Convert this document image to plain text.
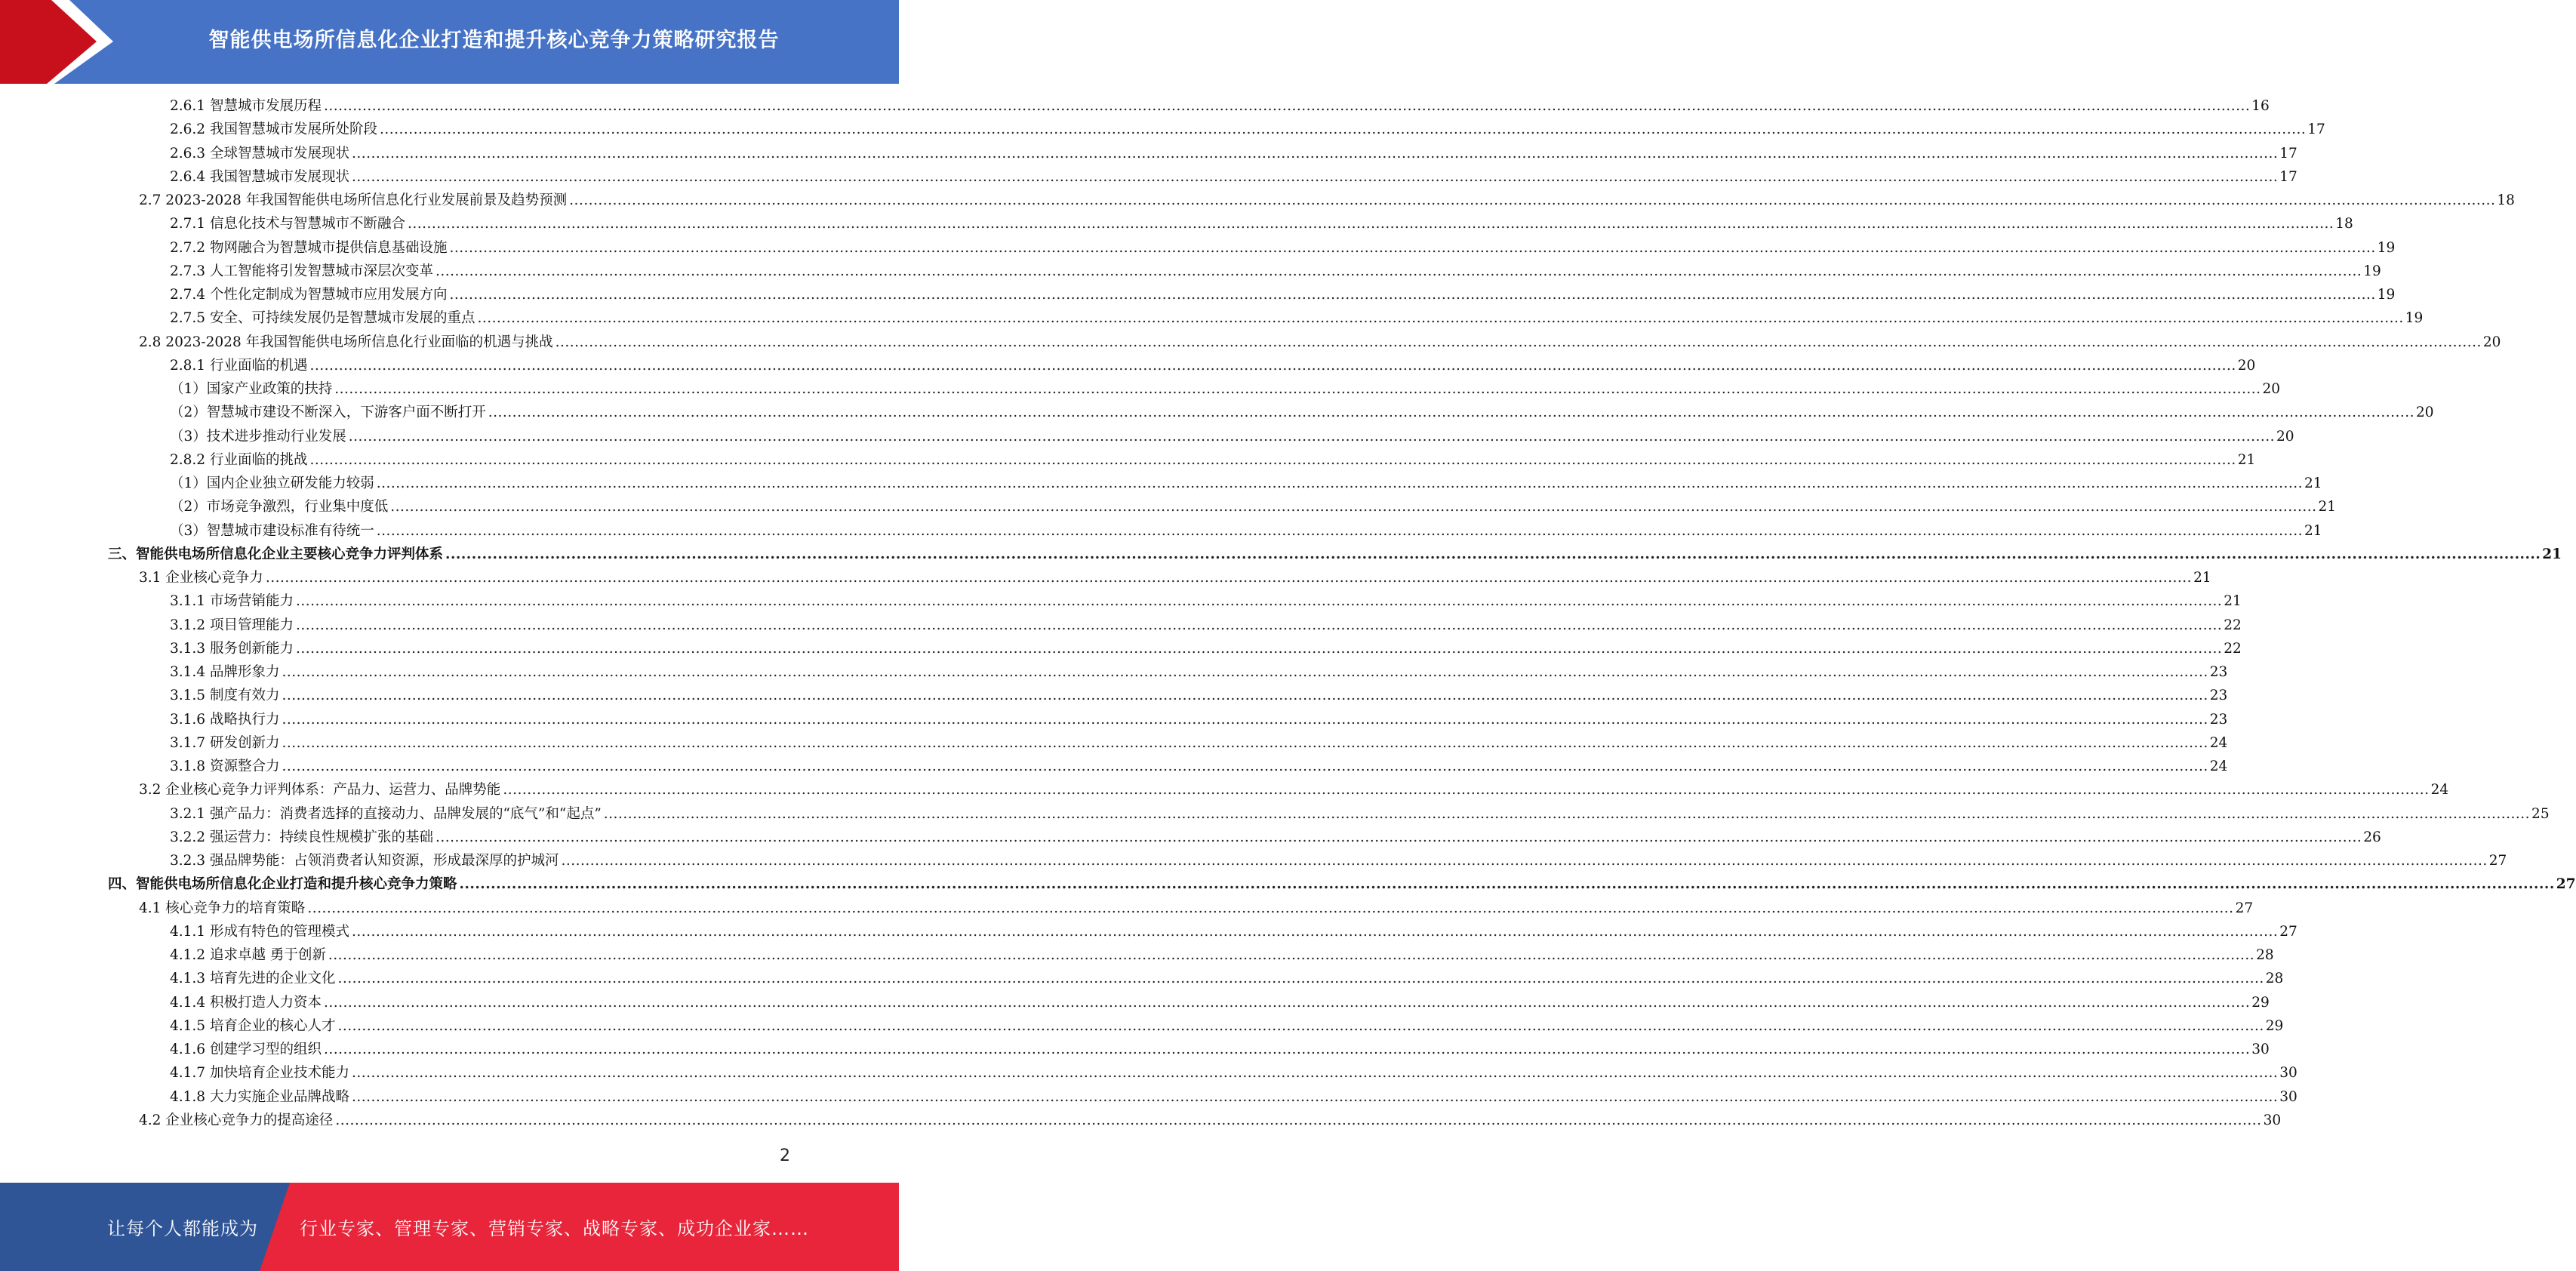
智能供电场所信息化企业打造和提升核心竞争力策略研究报告
2.6.1 智慧城市发展历程 ................................................................................................................................................................................................................................................................................................................................................................................................................ 16
2.6.2 我国智慧城市发展所处阶段 ................................................................................................................................................................................................................................................................................................................................................................................................................ 17
2.6.3 全球智慧城市发展现状 ................................................................................................................................................................................................................................................................................................................................................................................................................ 17
2.6.4 我国智慧城市发展现状 ................................................................................................................................................................................................................................................................................................................................................................................................................ 17
2.7 2023-2028 年我国智能供电场所信息化行业发展前景及趋势预测 ................................................................................................................................................................................................................................................................................................................................................................................................................ 18
2.7.1 信息化技术与智慧城市不断融合 ................................................................................................................................................................................................................................................................................................................................................................................................................ 18
2.7.2 物网融合为智慧城市提供信息基础设施 ................................................................................................................................................................................................................................................................................................................................................................................................................ 19
2.7.3 人工智能将引发智慧城市深层次变革 ................................................................................................................................................................................................................................................................................................................................................................................................................ 19
2.7.4 个性化定制成为智慧城市应用发展方向 ................................................................................................................................................................................................................................................................................................................................................................................................................ 19
2.7.5 安全、可持续发展仍是智慧城市发展的重点 ................................................................................................................................................................................................................................................................................................................................................................................................................ 19
2.8 2023-2028 年我国智能供电场所信息化行业面临的机遇与挑战 ................................................................................................................................................................................................................................................................................................................................................................................................................ 20
2.8.1 行业面临的机遇 ................................................................................................................................................................................................................................................................................................................................................................................................................ 20
（1）国家产业政策的扶持 ................................................................................................................................................................................................................................................................................................................................................................................................................ 20
（2）智慧城市建设不断深入，下游客户面不断打开 ................................................................................................................................................................................................................................................................................................................................................................................................................ 20
（3）技术进步推动行业发展 ................................................................................................................................................................................................................................................................................................................................................................................................................ 20
2.8.2 行业面临的挑战 ................................................................................................................................................................................................................................................................................................................................................................................................................ 21
（1）国内企业独立研发能力较弱 ................................................................................................................................................................................................................................................................................................................................................................................................................ 21
（2）市场竞争激烈，行业集中度低 ................................................................................................................................................................................................................................................................................................................................................................................................................ 21
（3）智慧城市建设标准有待统一 ................................................................................................................................................................................................................................................................................................................................................................................................................ 21
三、智能供电场所信息化企业主要核心竞争力评判体系 ................................................................................................................................................................................................................................................................................................................................................................................................................ 21
3.1 企业核心竞争力 ................................................................................................................................................................................................................................................................................................................................................................................................................ 21
3.1.1 市场营销能力 ................................................................................................................................................................................................................................................................................................................................................................................................................ 21
3.1.2 项目管理能力 ................................................................................................................................................................................................................................................................................................................................................................................................................ 22
3.1.3 服务创新能力 ................................................................................................................................................................................................................................................................................................................................................................................................................ 22
3.1.4 品牌形象力 ................................................................................................................................................................................................................................................................................................................................................................................................................ 23
3.1.5 制度有效力 ................................................................................................................................................................................................................................................................................................................................................................................................................ 23
3.1.6 战略执行力 ................................................................................................................................................................................................................................................................................................................................................................................................................ 23
3.1.7 研发创新力 ................................................................................................................................................................................................................................................................................................................................................................................................................ 24
3.1.8 资源整合力 ................................................................................................................................................................................................................................................................................................................................................................................................................ 24
3.2 企业核心竞争力评判体系：产品力、运营力、品牌势能 ................................................................................................................................................................................................................................................................................................................................................................................................................ 24
3.2.1 强产品力：消费者选择的直接动力、品牌发展的“底气”和“起点” ................................................................................................................................................................................................................................................................................................................................................................................................................ 25
3.2.2 强运营力：持续良性规模扩张的基础 ................................................................................................................................................................................................................................................................................................................................................................................................................ 26
3.2.3 强品牌势能：占领消费者认知资源，形成最深厚的护城河 ................................................................................................................................................................................................................................................................................................................................................................................................................ 27
四、智能供电场所信息化企业打造和提升核心竞争力策略 ................................................................................................................................................................................................................................................................................................................................................................................................................ 27
4.1 核心竞争力的培育策略 ................................................................................................................................................................................................................................................................................................................................................................................................................ 27
4.1.1 形成有特色的管理模式 ................................................................................................................................................................................................................................................................................................................................................................................................................ 27
4.1.2 追求卓越 勇于创新 ................................................................................................................................................................................................................................................................................................................................................................................................................ 28
4.1.3 培育先进的企业文化 ................................................................................................................................................................................................................................................................................................................................................................................................................ 28
4.1.4 积极打造人力资本 ................................................................................................................................................................................................................................................................................................................................................................................................................ 29
4.1.5 培育企业的核心人才 ................................................................................................................................................................................................................................................................................................................................................................................................................ 29
4.1.6 创建学习型的组织 ................................................................................................................................................................................................................................................................................................................................................................................................................ 30
4.1.7 加快培育企业技术能力 ................................................................................................................................................................................................................................................................................................................................................................................................................ 30
4.1.8 大力实施企业品牌战略 ................................................................................................................................................................................................................................................................................................................................................................................................................ 30
4.2 企业核心竞争力的提高途径 ................................................................................................................................................................................................................................................................................................................................................................................................................ 30
2
让每个人都能成为 行业专家、管理专家、营销专家、战略专家、成功企业家……
